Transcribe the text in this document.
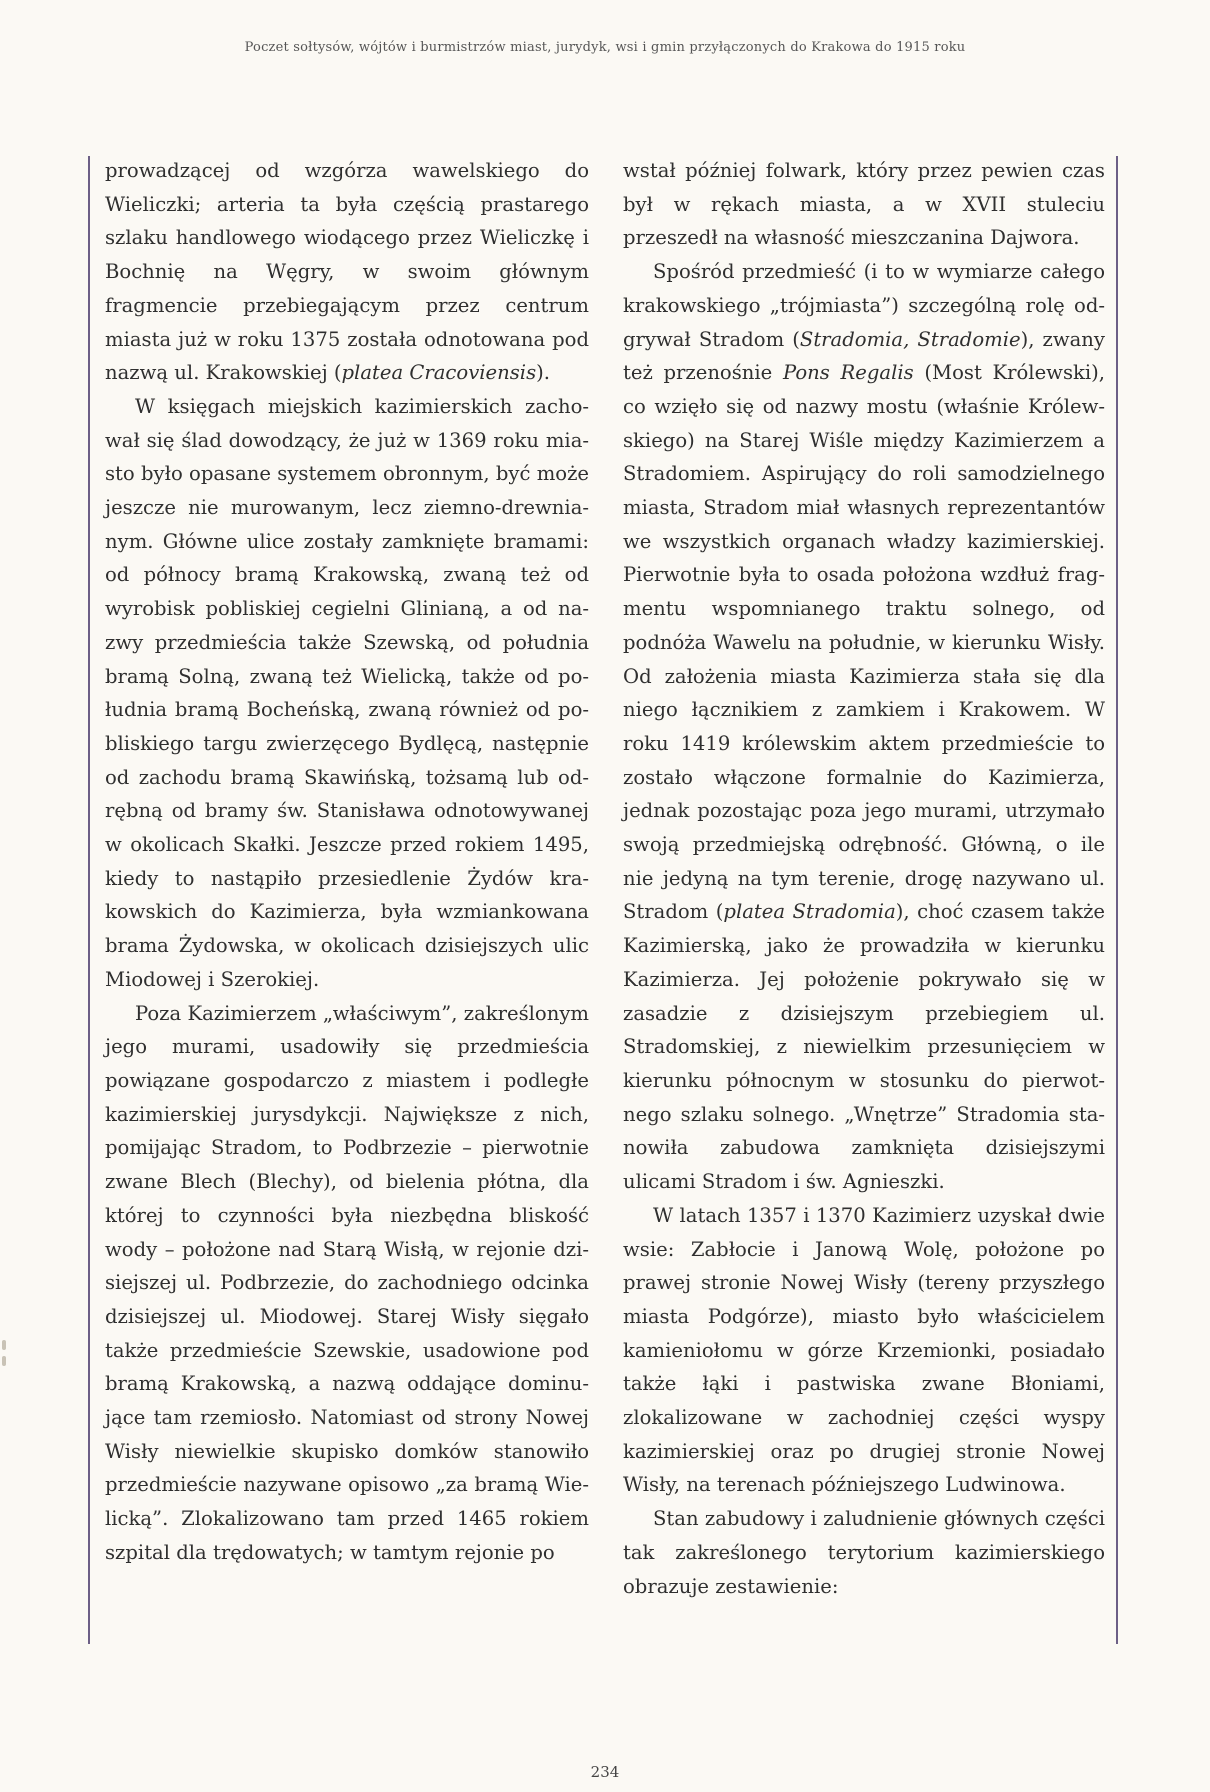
Poczet sołtysów, wójtów i burmistrzów miast, jurydyk, wsi i gmin przyłączonych do Krakowa do 1915 roku

prowadzącej od wzgórza wawelskiego do Wieliczki; arteria ta była częścią prastarego szlaku handlowego wiodącego przez Wieliczkę i Bochnię na Węgry, w swoim głównym fragmencie przebiegającym przez centrum miasta już w roku 1375 została odnotowana pod nazwą ul. Krakowskiej (platea Cracoviensis).

W księgach miejskich kazimierskich zachował się ślad dowodzący, że już w 1369 roku miasto było opasane systemem obronnym, być może jeszcze nie murowanym, lecz ziemno-drewnianym. Główne ulice zostały zamknięte bramami: od północy bramą Krakowską, zwaną też od wyrobisk pobliskiej cegielni Glinianą, a od nazwy przedmieścia także Szewską, od południa bramą Solną, zwaną też Wielicką, także od południa bramą Bocheńską, zwaną również od pobliskiego targu zwierzęcego Bydlęcą, następnie od zachodu bramą Skawińską, tożsamą lub odrębną od bramy św. Stanisława odnotowywanej w okolicach Skałki. Jeszcze przed rokiem 1495, kiedy to nastąpiło przesiedlenie Żydów krakowskich do Kazimierza, była wzmiankowana brama Żydowska, w okolicach dzisiejszych ulic Miodowej i Szerokiej.

Poza Kazimierzem „właściwym”, zakreślonym jego murami, usadowiły się przedmieścia powiązane gospodarczo z miastem i podległe kazimierskiej jurysdykcji. Największe z nich, pomijając Stradom, to Podbrzezie – pierwotnie zwane Blech (Blechy), od bielenia płótna, dla której to czynności była niezbędna bliskość wody – położone nad Starą Wisłą, w rejonie dzisiejszej ul. Podbrzezie, do zachodniego odcinka dzisiejszej ul. Miodowej. Starej Wisły sięgało także przedmieście Szewskie, usadowione pod bramą Krakowską, a nazwą oddające dominujące tam rzemiosło. Natomiast od strony Nowej Wisły niewielkie skupisko domków stanowiło przedmieście nazywane opisowo „za bramą Wielicką”. Zlokalizowano tam przed 1465 rokiem szpital dla trędowatych; w tamtym rejonie po

wstał później folwark, który przez pewien czas był w rękach miasta, a w XVII stuleciu przeszedł na własność mieszczanina Dajwora.

Spośród przedmieść (i to w wymiarze całego krakowskiego „trójmiasta”) szczególną rolę odgrywał Stradom (Stradomia, Stradomie), zwany też przenośnie Pons Regalis (Most Królewski), co wzięło się od nazwy mostu (właśnie Królewskiego) na Starej Wiśle między Kazimierzem a Stradomiem. Aspirujący do roli samodzielnego miasta, Stradom miał własnych reprezentantów we wszystkich organach władzy kazimierskiej. Pierwotnie była to osada położona wzdłuż fragmentu wspomnianego traktu solnego, od podnóża Wawelu na południe, w kierunku Wisły. Od założenia miasta Kazimierza stała się dla niego łącznikiem z zamkiem i Krakowem. W roku 1419 królewskim aktem przedmieście to zostało włączone formalnie do Kazimierza, jednak pozostając poza jego murami, utrzymało swoją przedmiejską odrębność. Główną, o ile nie jedyną na tym terenie, drogę nazywano ul. Stradom (platea Stradomia), choć czasem także Kazimierską, jako że prowadziła w kierunku Kazimierza. Jej położenie pokrywało się w zasadzie z dzisiejszym przebiegiem ul. Stradomskiej, z niewielkim przesunięciem w kierunku północnym w stosunku do pierwotnego szlaku solnego. „Wnętrze” Stradomia stanowiła zabudowa zamknięta dzisiejszymi ulicami Stradom i św. Agnieszki.

W latach 1357 i 1370 Kazimierz uzyskał dwie wsie: Zabłocie i Janową Wolę, położone po prawej stronie Nowej Wisły (tereny przyszłego miasta Podgórze), miasto było właścicielem kamieniołomu w górze Krzemionki, posiadało także łąki i pastwiska zwane Błoniami, zlokalizowane w zachodniej części wyspy kazimierskiej oraz po drugiej stronie Nowej Wisły, na terenach późniejszego Ludwinowa.

Stan zabudowy i zaludnienie głównych części tak zakreślonego terytorium kazimierskiego obrazuje zestawienie:

234
